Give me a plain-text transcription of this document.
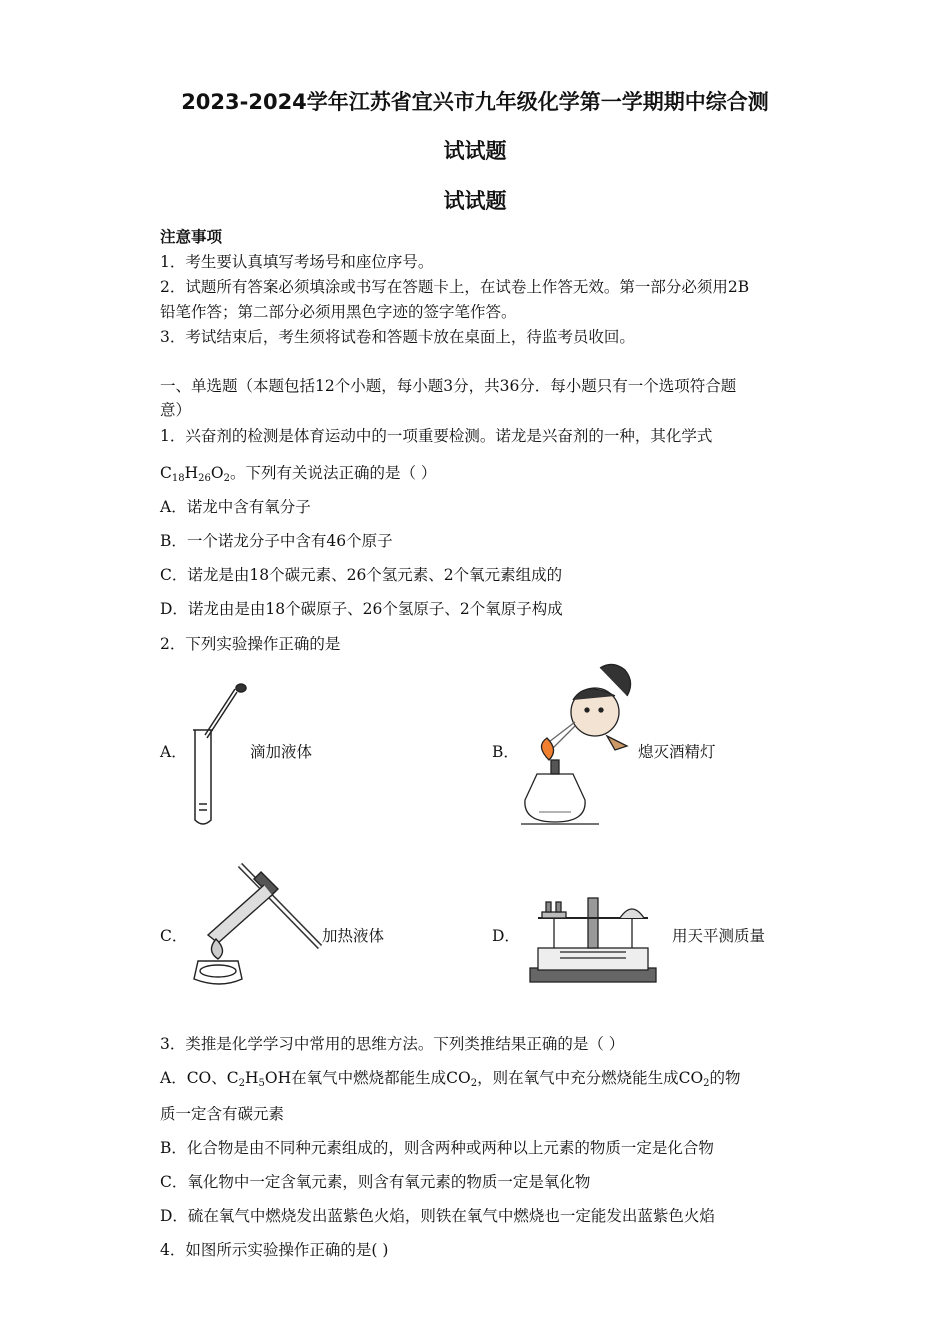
2023-2024学年江苏省宜兴市九年级化学第一学期期中综合测
试试题
试试题
注意事项
1．考生要认真填写考场号和座位序号。
2．试题所有答案必须填涂或书写在答题卡上，在试卷上作答无效。第一部分必须用2B
铅笔作答；第二部分必须用黑色字迹的签字笔作答。
3．考试结束后，考生须将试卷和答题卡放在桌面上，待监考员收回。
一、单选题（本题包括12个小题，每小题3分，共36分．每小题只有一个选项符合题
意）
1．兴奋剂的检测是体育运动中的一项重要检测。诺龙是兴奋剂的一种，其化学式
$C_{18}H_{26}O_2$。下列有关说法正确的是（ ）
A．诺龙中含有氧分子
B．一个诺龙分子中含有46个原子
C．诺龙是由18个碳元素、26个氢元素、2个氧元素组成的
D．诺龙由是由18个碳原子、26个氢原子、2个氧原子构成
2．下列实验操作正确的是
A．	滴加液体	B．	熄灭酒精灯
C．	加热液体	D．	用天平测质量
3．类推是化学学习中常用的思维方法。下列类推结果正确的是（ ）
A．CO、$C_2H_5OH$在氧气中燃烧都能生成$CO_2$，则在氧气中充分燃烧能生成$CO_2$的物
质一定含有碳元素
B．化合物是由不同种元素组成的，则含两种或两种以上元素的物质一定是化合物
C．氧化物中一定含氧元素，则含有氧元素的物质一定是氧化物
D．硫在氧气中燃烧发出蓝紫色火焰，则铁在氧气中燃烧也一定能发出蓝紫色火焰
4．如图所示实验操作正确的是( )
